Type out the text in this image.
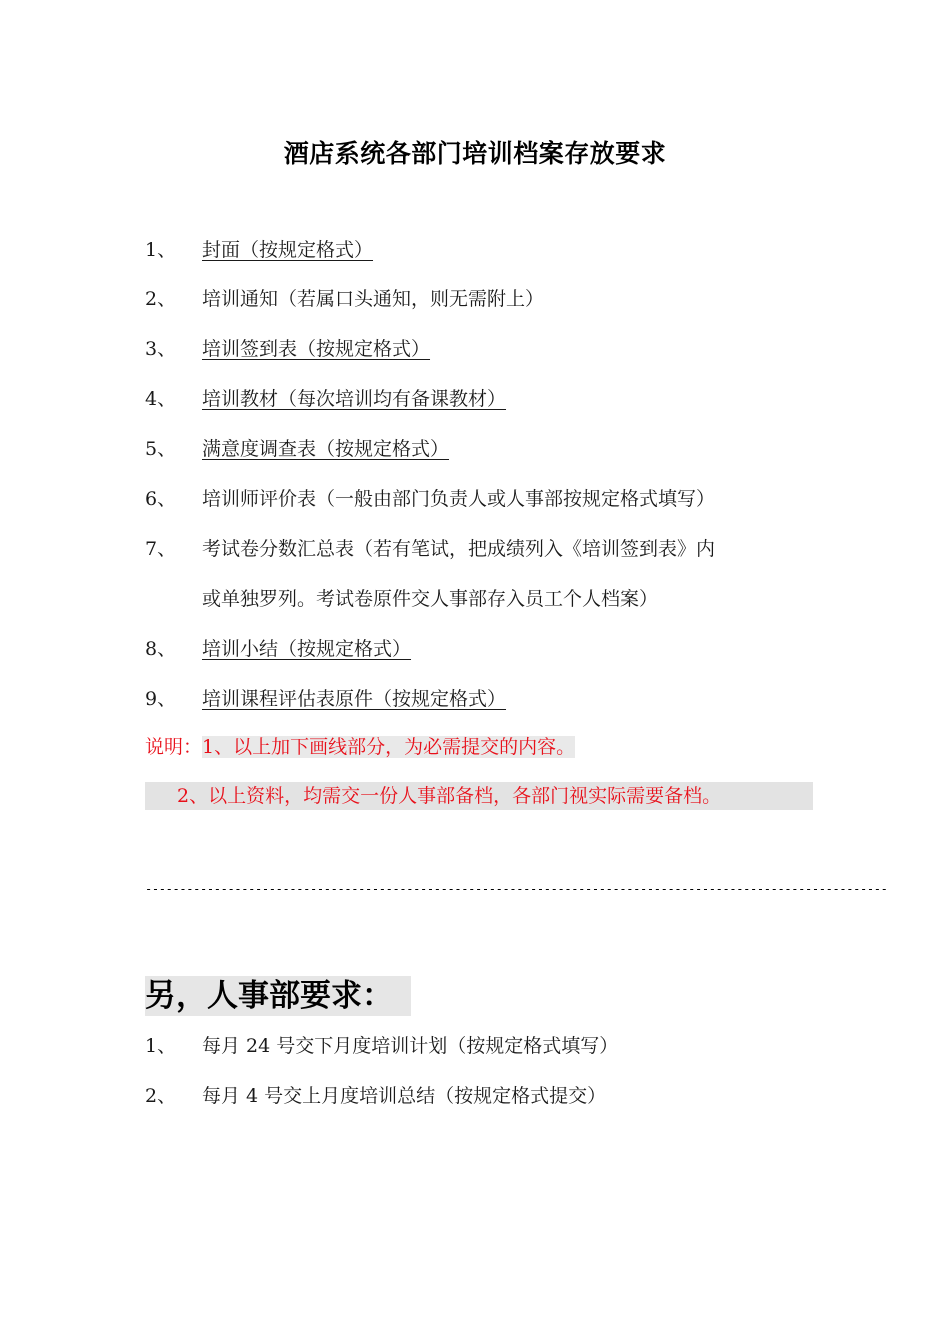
酒店系统各部门培训档案存放要求
1、	封面（按规定格式）
2、	培训通知（若属口头通知，则无需附上）
3、	培训签到表（按规定格式）
4、	培训教材（每次培训均有备课教材）
5、	满意度调查表（按规定格式）
6、	培训师评价表（一般由部门负责人或人事部按规定格式填写）
7、	考试卷分数汇总表（若有笔试，把成绩列入《培训签到表》内
或单独罗列。考试卷原件交人事部存入员工个人档案）
8、	培训小结（按规定格式）
9、	培训课程评估表原件（按规定格式）
说明：1、以上加下画线部分，为必需提交的内容。
2、以上资料，均需交一份人事部备档，各部门视实际需要备档。
------------------------------------------------------------------------------------------------------------
另，人事部要求：
1、	每月 24 号交下月度培训计划（按规定格式填写）
2、	每月 4 号交上月度培训总结（按规定格式提交）
